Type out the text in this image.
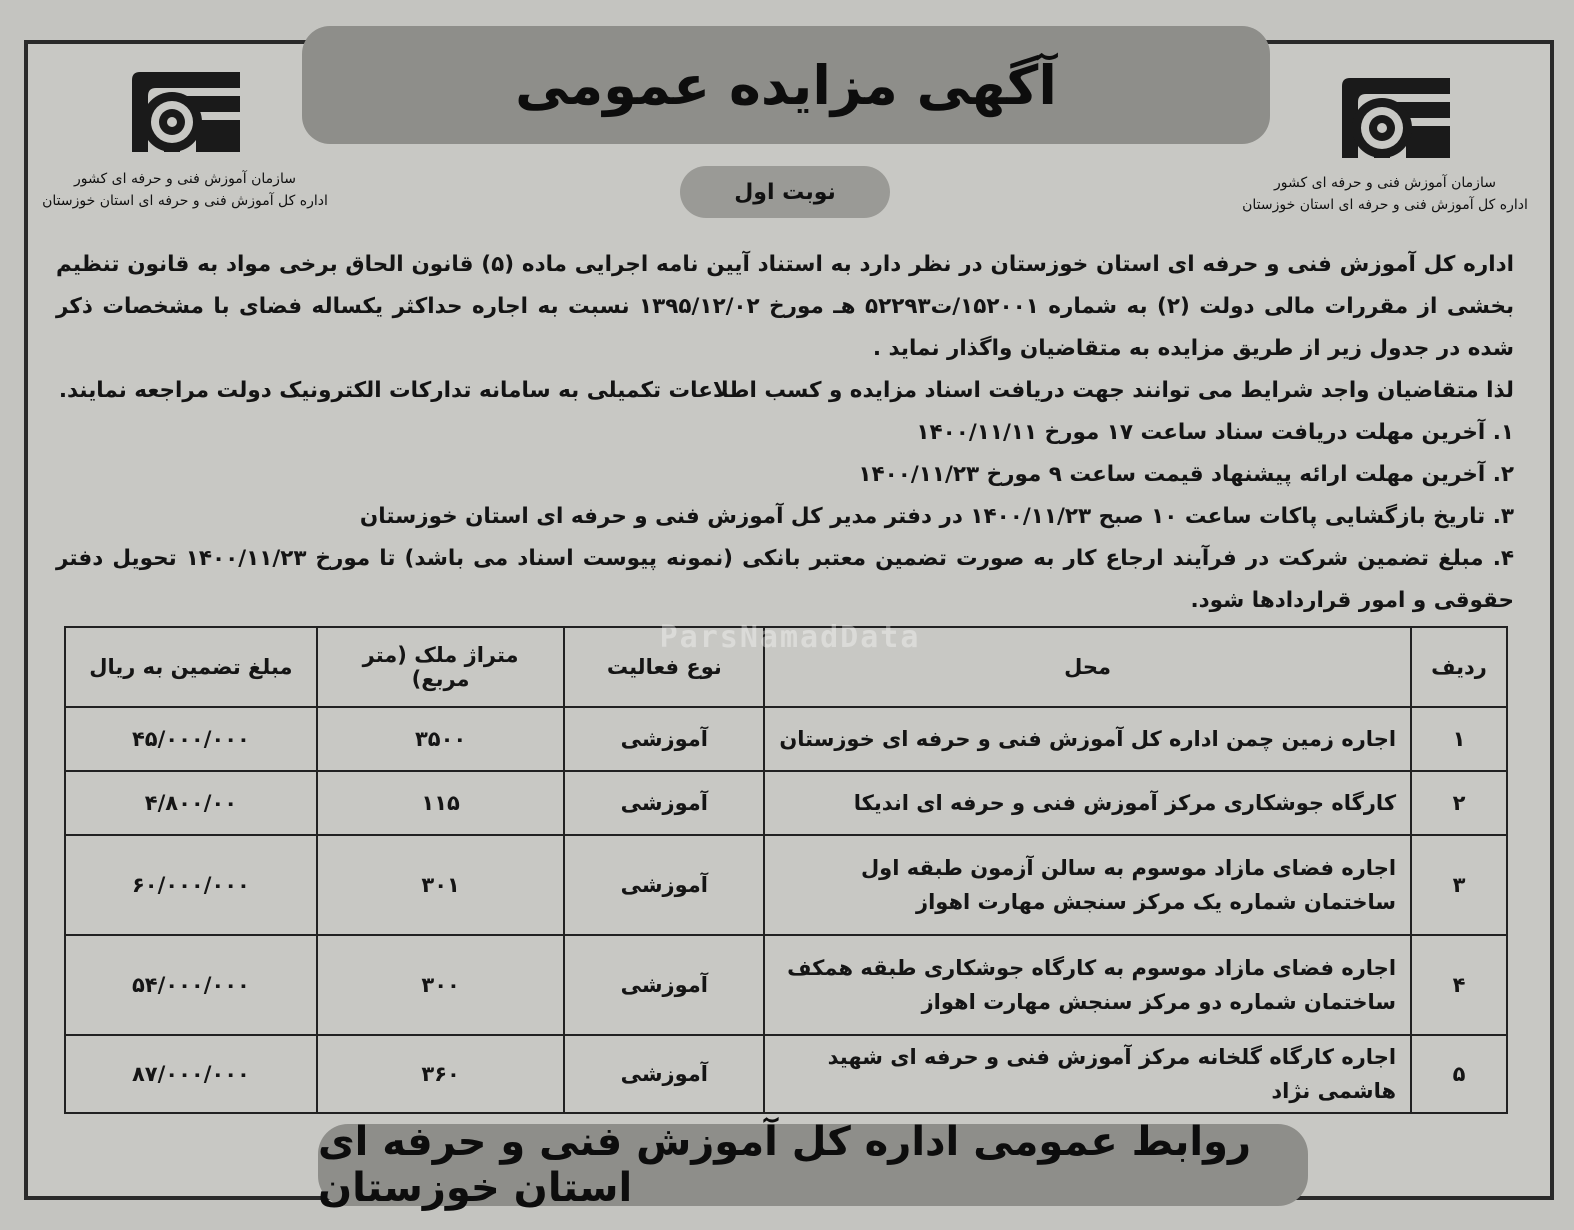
آگهی مزایده عمومی
نوبت اول
سازمان آموزش فنی و حرفه ای کشور
اداره کل آموزش فنی و حرفه ای استان خوزستان
سازمان آموزش فنی و حرفه ای کشور
اداره کل آموزش فنی و حرفه ای استان خوزستان

اداره کل آموزش فنی و حرفه ای استان خوزستان در نظر دارد به استناد آیین نامه اجرایی ماده (۵) قانون الحاق برخی مواد به قانون تنظیم بخشی از مقررات مالی دولت (۲) به شماره ۱۵۲۰۰۱/ت۵۲۲۹۳ هـ مورخ ۱۳۹۵/۱۲/۰۲ نسبت به اجاره حداکثر یکساله فضای با مشخصات ذکر شده در جدول زیر از طریق مزایده به متقاضیان واگذار نماید .

لذا متقاضیان واجد شرایط می توانند جهت دریافت اسناد مزایده و کسب اطلاعات تکمیلی به سامانه تدارکات الکترونیک دولت مراجعه نمایند.

۱. آخرین مهلت دریافت سناد ساعت ۱۷ مورخ ۱۴۰۰/۱۱/۱۱

۲. آخرین مهلت ارائه پیشنهاد قیمت ساعت ۹ مورخ ۱۴۰۰/۱۱/۲۳

۳. تاریخ بازگشایی پاکات ساعت ۱۰ صبح ۱۴۰۰/۱۱/۲۳ در دفتر مدیر کل آموزش فنی و حرفه ای استان خوزستان

۴. مبلغ تضمین شرکت در فرآیند ارجاع کار به صورت تضمین معتبر بانکی (نمونه پیوست اسناد می باشد) تا مورخ ۱۴۰۰/۱۱/۲۳ تحویل دفتر حقوقی و امور قراردادها شود.

ردیف	محل	نوع فعالیت	متراژ ملک (متر مربع)	مبلغ تضمین به ریال
۱	اجاره زمین چمن اداره کل آموزش فنی و حرفه ای خوزستان	آموزشی	۳۵۰۰	۴۵/۰۰۰/۰۰۰
۲	کارگاه جوشکاری مرکز آموزش فنی و حرفه ای اندیکا	آموزشی	۱۱۵	۴/۸۰۰/۰۰
۳	اجاره فضای مازاد موسوم به سالن آزمون طبقه اول ساختمان شماره یک مرکز سنجش مهارت اهواز	آموزشی	۳۰۱	۶۰/۰۰۰/۰۰۰
۴	اجاره فضای مازاد موسوم به کارگاه جوشکاری طبقه همکف ساختمان شماره دو مرکز سنجش مهارت اهواز	آموزشی	۳۰۰	۵۴/۰۰۰/۰۰۰
۵	اجاره کارگاه گلخانه مرکز آموزش فنی و حرفه ای شهید هاشمی نژاد	آموزشی	۳۶۰	۸۷/۰۰۰/۰۰۰
ParsNamadData
روابط عمومی اداره کل آموزش فنی و حرفه ای استان خوزستان
